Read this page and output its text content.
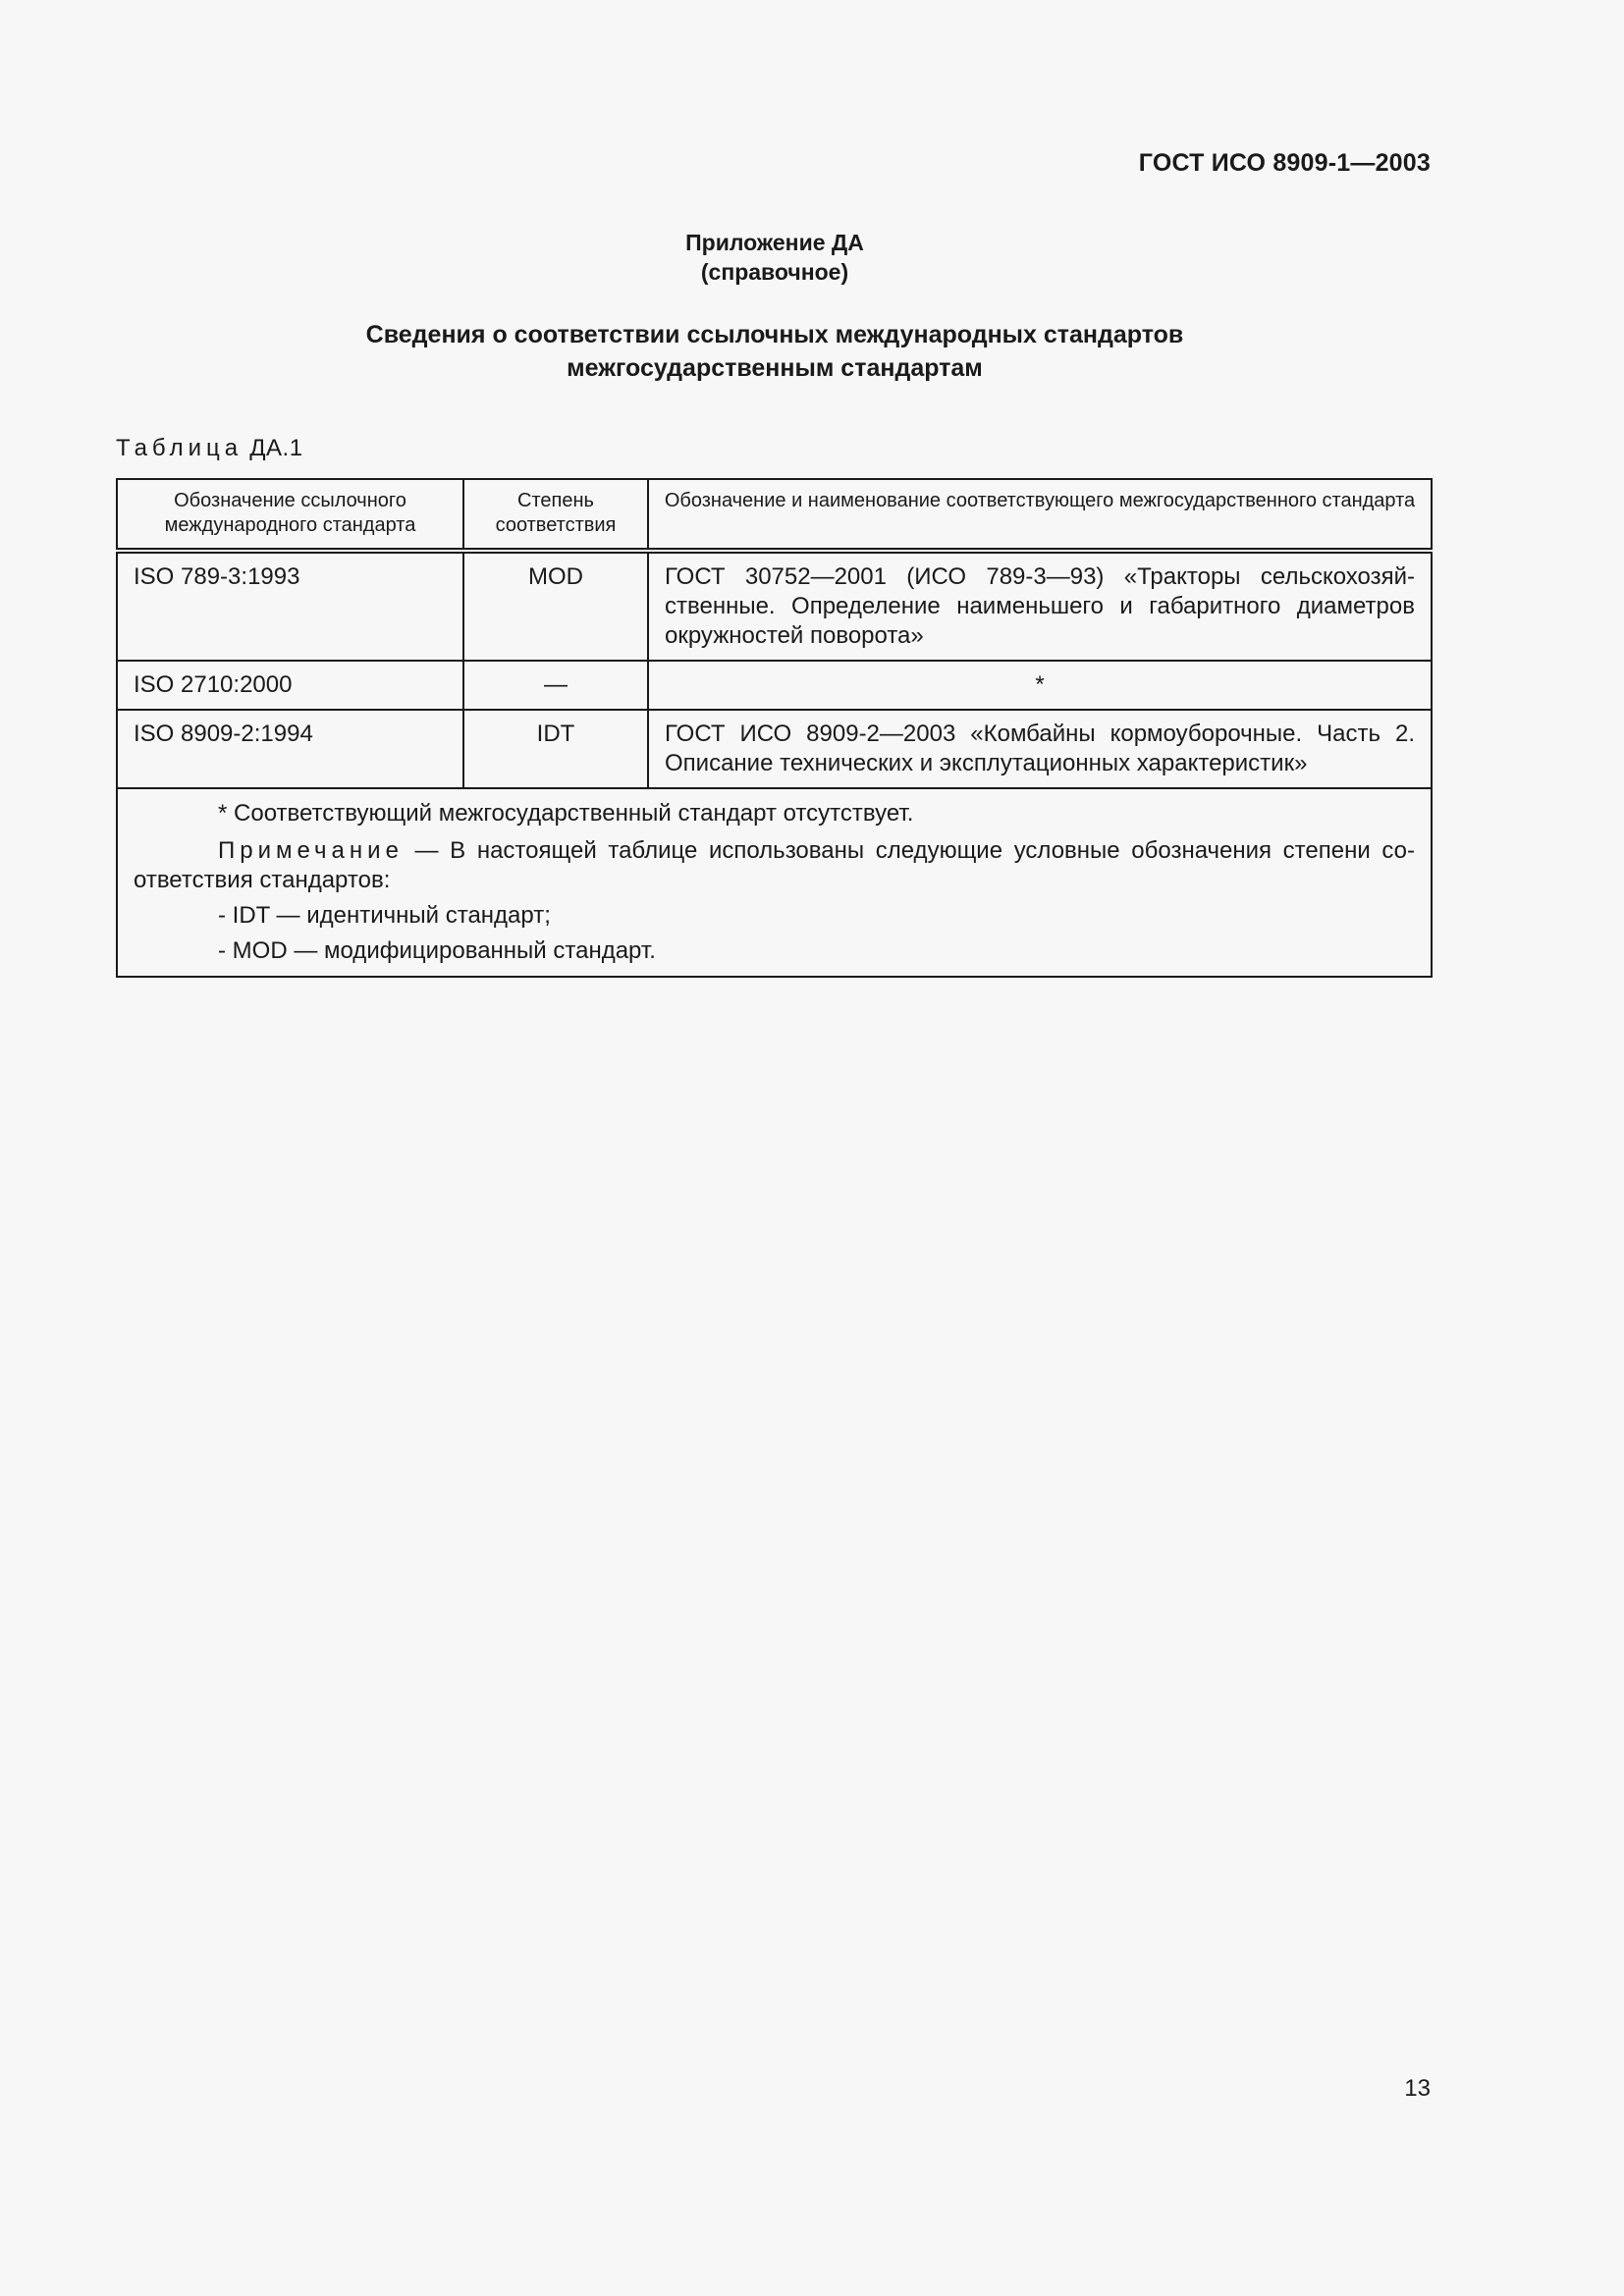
ГОСТ ИСО 8909-1—2003
Приложение ДА
(справочное)
Сведения о соответствии ссылочных международных стандартов
межгосударственным стандартам
Таблица ДА.1
Обозначение ссылочного международного стандарта	Степень соответствия	Обозначение и наименование соответствующего межгосударственного стандарта
ISO 789-3:1993	MOD	ГОСТ 30752—2001 (ИСО 789-3—93) «Тракторы сельскохозяй-ственные. Определение наименьшего и габаритного диаметров окружностей поворота»
ISO 2710:2000	—	*
ISO 8909-2:1994	IDT	ГОСТ ИСО 8909-2—2003 «Комбайны кормоуборочные. Часть 2. Описание технических и эксплутационных характеристик»

* Соответствующий межгосударственный стандарт отсутствует.
Примечание — В настоящей таблице использованы следующие условные обозначения степени со-ответствия стандартов:
- IDT — идентичный стандарт;
- MOD — модифицированный стандарт.		
13
